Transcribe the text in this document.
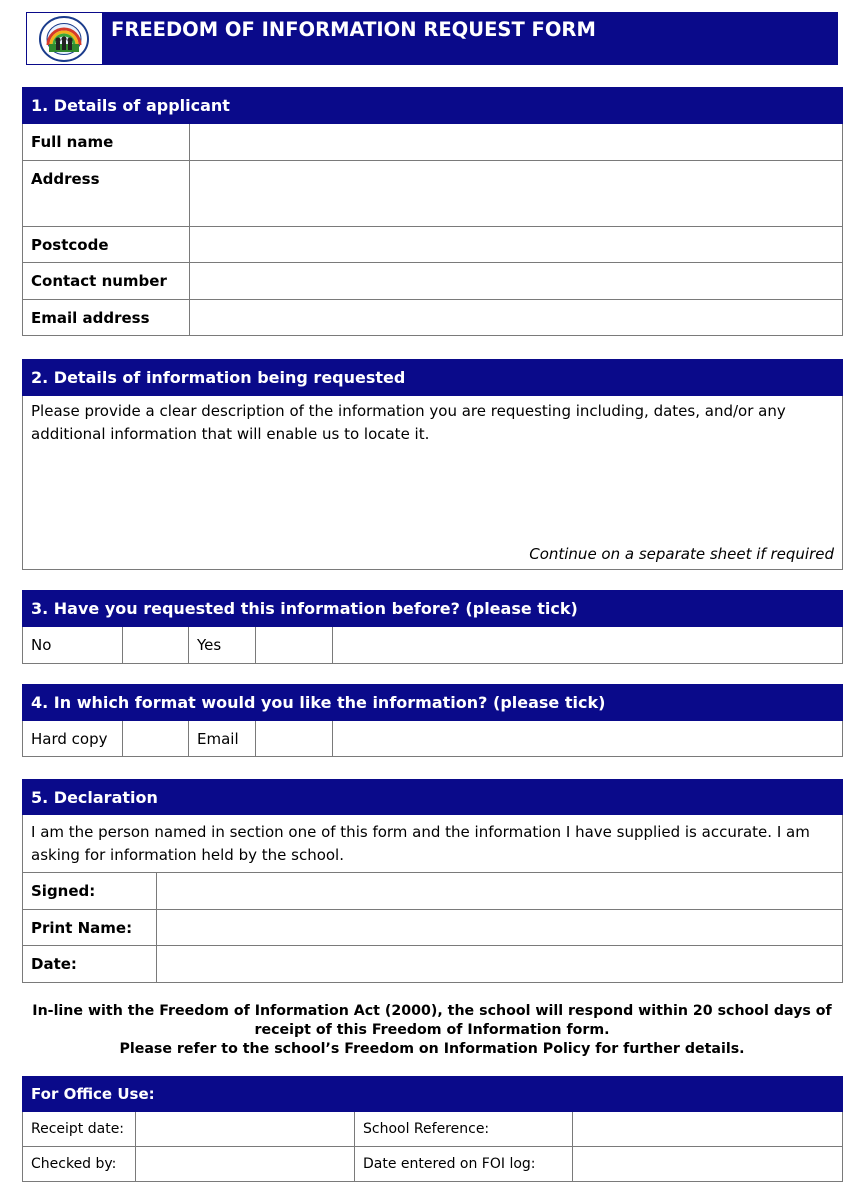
FREEDOM OF INFORMATION REQUEST FORM
1. Details of applicant	
Full name	
Address	
Postcode	
Contact number	
Email address	
2. Details of information being requested

Please provide a clear description of the information you are requesting including, dates, and/or any additional information that will enable us to locate it.
Continue on a separate sheet if required
3. Have you requested this information before? (please tick)
No		Yes		
4. In which format would you like the information? (please tick)
Hard copy		Email		
5. Declaration	

I am the person named in section one of this form and the information I have supplied is accurate. I am asking for information held by the school.	

Signed:	
Print Name:	
Date:	
In-line with the Freedom of Information Act (2000), the school will respond within 20 school days of receipt of this Freedom of Information form.
Please refer to the school’s Freedom on Information Policy for further details.
For Office Use:			
Receipt date:		School Reference:	
Checked by:		Date entered on FOI log:	
